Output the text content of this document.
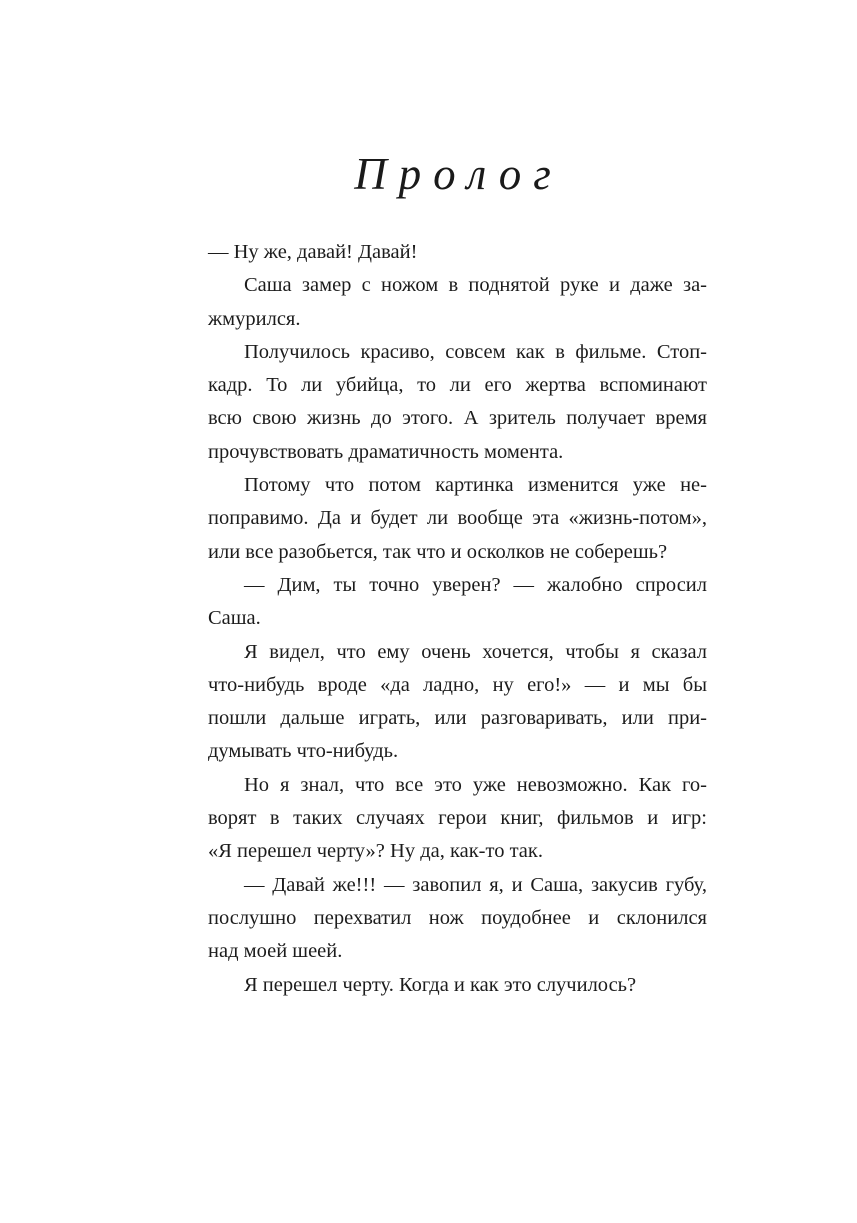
Пролог
— Ну же, давай! Давай!
Саша замер с ножом в поднятой руке и даже за-
жмурился.
Получилось красиво, совсем как в фильме. Стоп-
кадр. То ли убийца, то ли его жертва вспоминают
всю свою жизнь до этого. А зритель получает время
прочувствовать драматичность момента.
Потому что потом картинка изменится уже не-
поправимо. Да и будет ли вообще эта «жизнь-потом»,
или все разобьется, так что и осколков не соберешь?
— Дим, ты точно уверен? — жалобно спросил
Саша.
Я видел, что ему очень хочется, чтобы я сказал
что-нибудь вроде «да ладно, ну его!» — и мы бы
пошли дальше играть, или разговаривать, или при-
думывать что-нибудь.
Но я знал, что все это уже невозможно. Как го-
ворят в таких случаях герои книг, фильмов и игр:
«Я перешел черту»? Ну да, как-то так.
— Давай же!!! — завопил я, и Саша, закусив губу,
послушно перехватил нож поудобнее и склонился
над моей шеей.
Я перешел черту. Когда и как это случилось?
